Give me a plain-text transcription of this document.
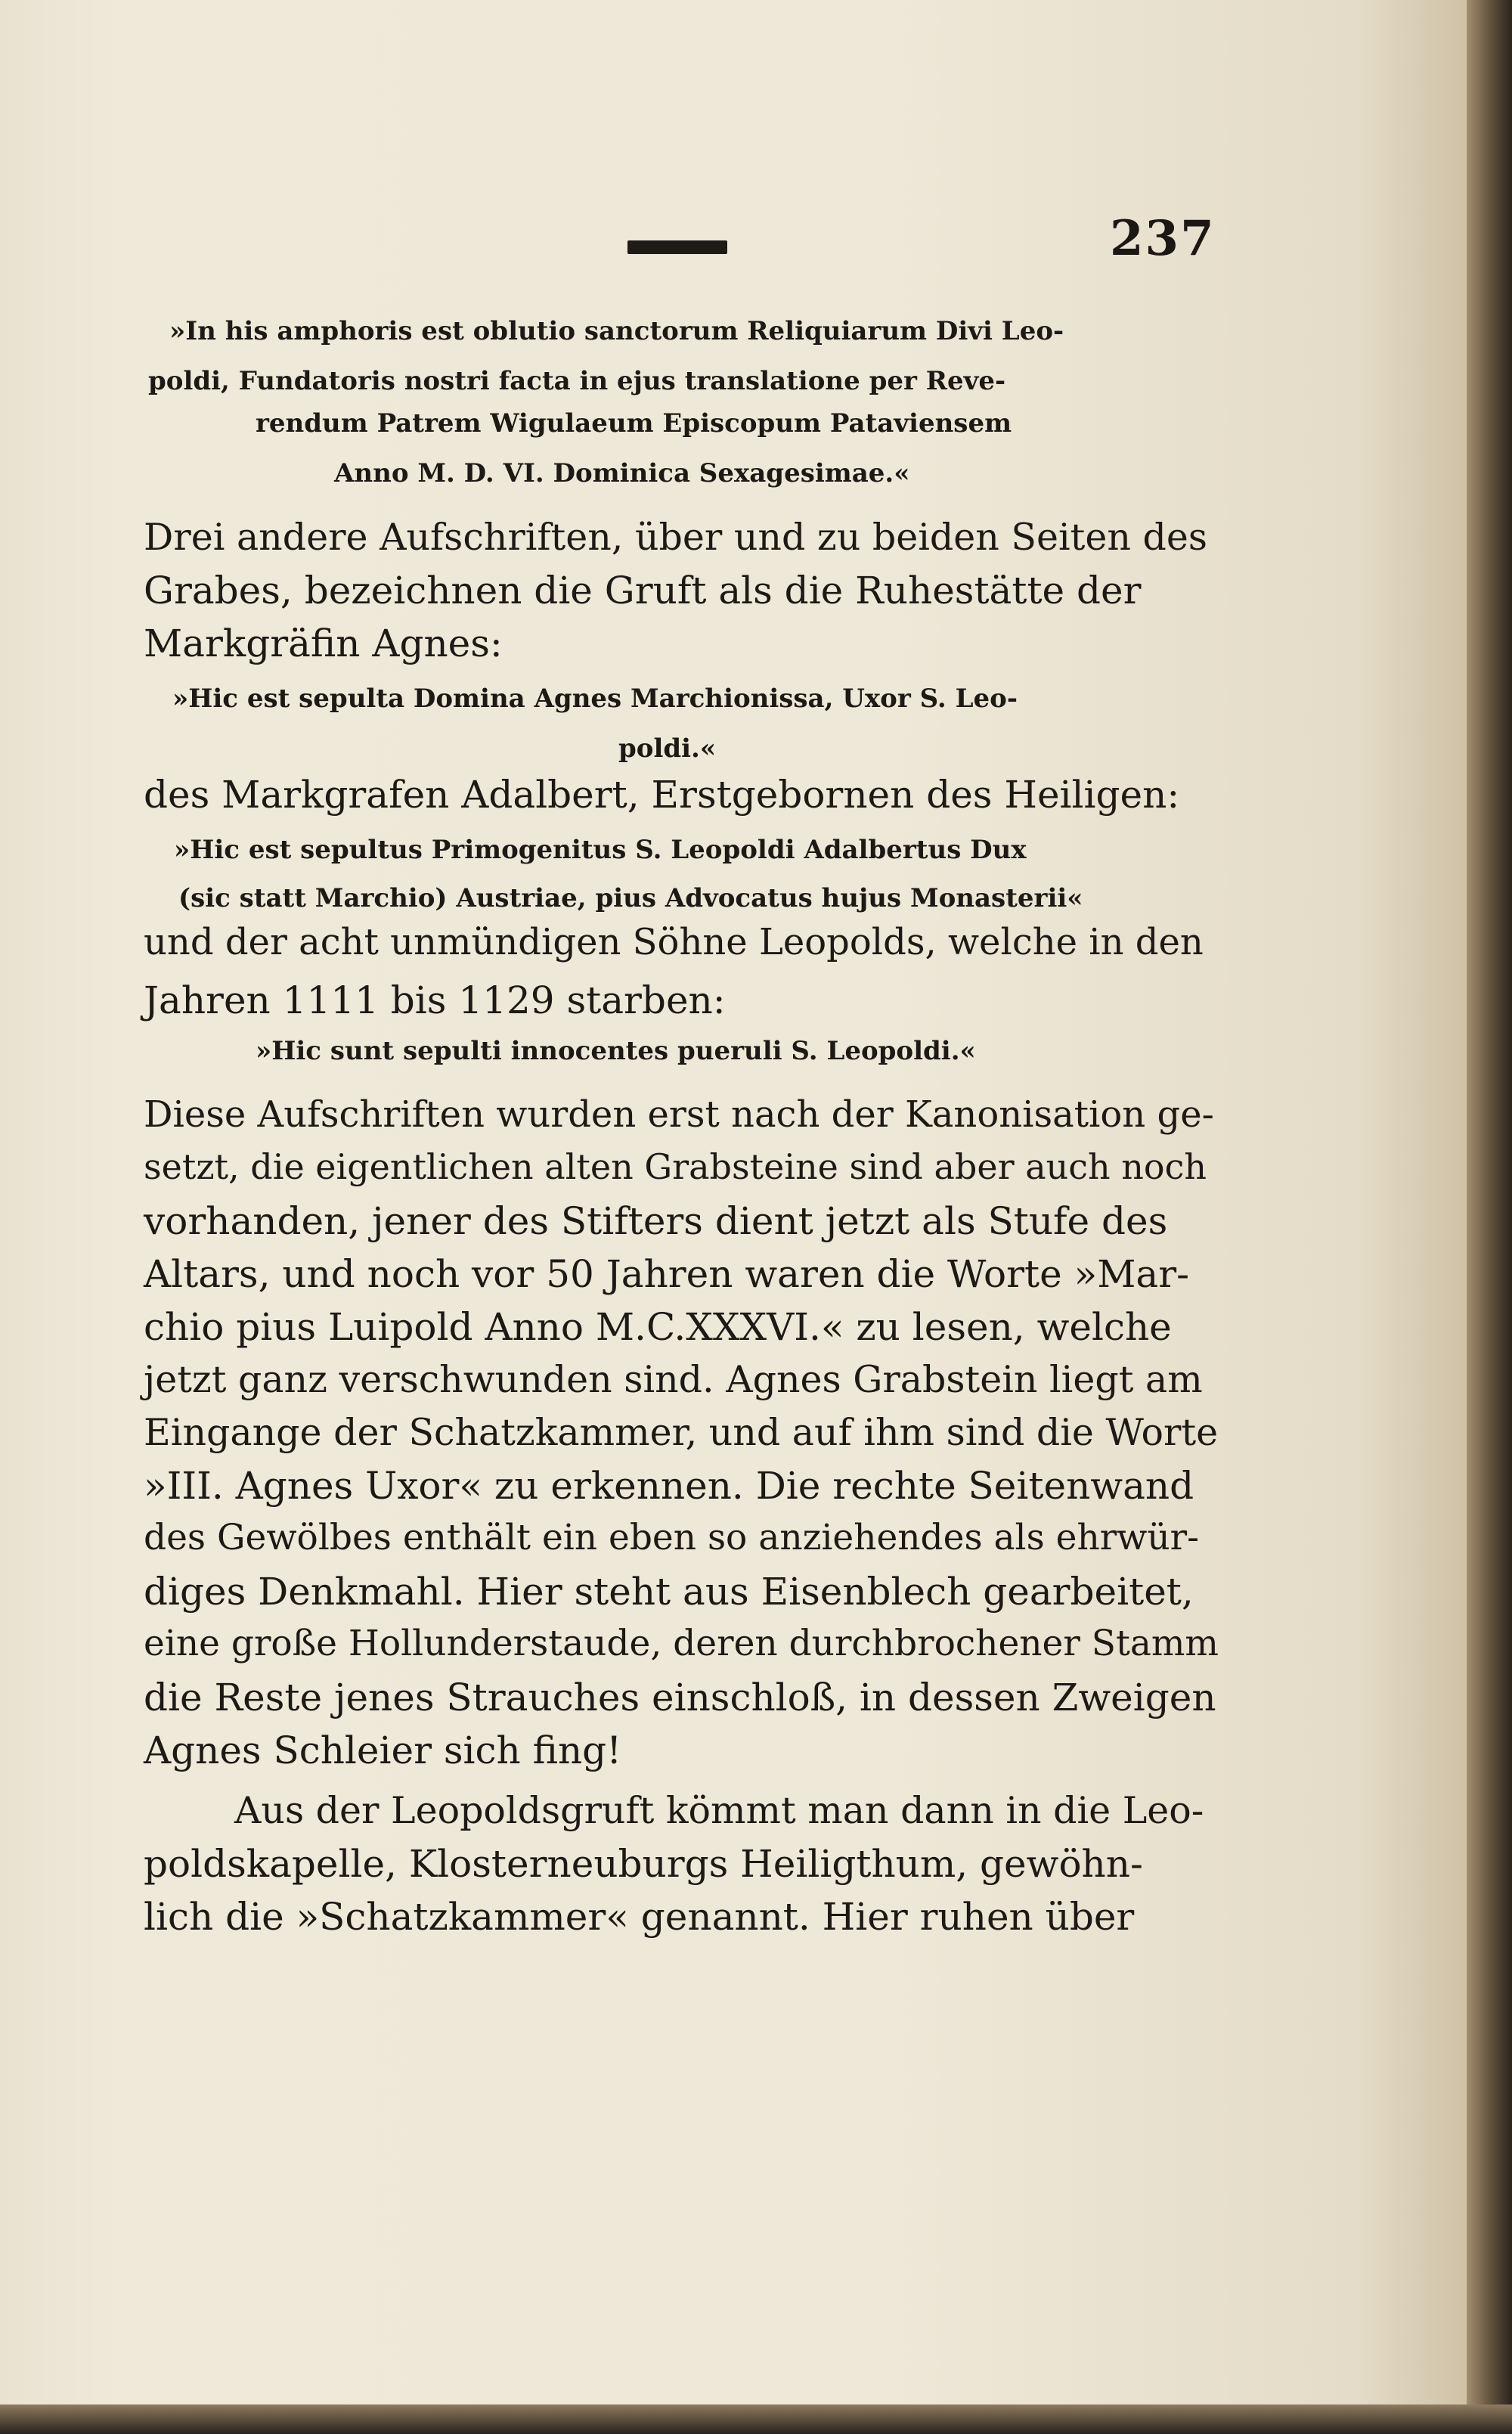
237
»In his amphoris est oblutio sanctorum Reliquiarum Divi Leo-
poldi, Fundatoris nostri facta in ejus translatione per Reve-
rendum Patrem Wigulaeum Episcopum Pataviensem
Anno M. D. VI. Dominica Sexagesimae.«
Drei andere Aufschriften, über und zu beiden Seiten des
Grabes, bezeichnen die Gruft als die Ruhestätte der
Markgräfin Agnes:
»Hic est sepulta Domina Agnes Marchionissa, Uxor S. Leo-
poldi.«
des Markgrafen Adalbert, Erstgebornen des Heiligen:
»Hic est sepultus Primogenitus S. Leopoldi Adalbertus Dux
(sic statt Marchio) Austriae, pius Advocatus hujus Monasterii«
und der acht unmündigen Söhne Leopolds, welche in den
Jahren 1111 bis 1129 starben:
»Hic sunt sepulti innocentes pueruli S. Leopoldi.«
Diese Aufschriften wurden erst nach der Kanonisation ge-
setzt, die eigentlichen alten Grabsteine sind aber auch noch
vorhanden, jener des Stifters dient jetzt als Stufe des
Altars, und noch vor 50 Jahren waren die Worte »Mar-
chio pius Luipold Anno M.C.XXXVI.« zu lesen, welche
jetzt ganz verschwunden sind. Agnes Grabstein liegt am
Eingange der Schatzkammer, und auf ihm sind die Worte
»III. Agnes Uxor« zu erkennen. Die rechte Seitenwand
des Gewölbes enthält ein eben so anziehendes als ehrwür-
diges Denkmahl. Hier steht aus Eisenblech gearbeitet,
eine große Hollunderstaude, deren durchbrochener Stamm
die Reste jenes Strauches einschloß, in dessen Zweigen
Agnes Schleier sich fing!
Aus der Leopoldsgruft kömmt man dann in die Leo-
poldskapelle, Klosterneuburgs Heiligthum, gewöhn-
lich die »Schatzkammer« genannt. Hier ruhen über
